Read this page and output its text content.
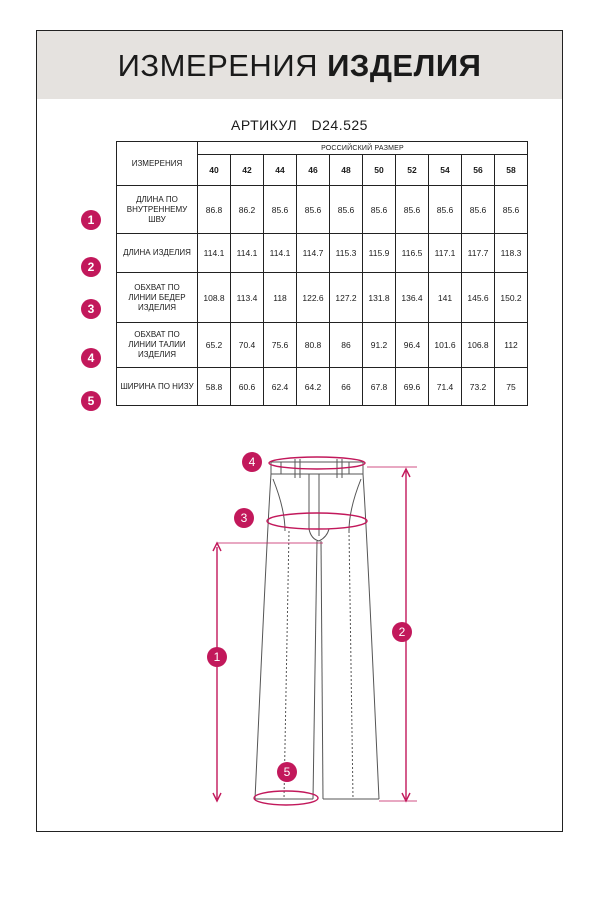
ИЗМЕРЕНИЯ ИЗДЕЛИЯ
АРТИКУЛ D24.525
1
2
3
4
5
ИЗМЕРЕНИЯ	РОССИЙСКИЙ РАЗМЕР									
	40	42	44	46	48	50	52	54	56	58
ДЛИНА ПО ВНУТРЕННЕМУ ШВУ	86.8	86.2	85.6	85.6	85.6	85.6	85.6	85.6	85.6	85.6
ДЛИНА ИЗДЕЛИЯ	114.1	114.1	114.1	114.7	115.3	115.9	116.5	117.1	117.7	118.3
ОБХВАТ ПО ЛИНИИ БЕДЕР ИЗДЕЛИЯ	108.8	113.4	118	122.6	127.2	131.8	136.4	141	145.6	150.2
ОБХВАТ ПО ЛИНИИ ТАЛИИ ИЗДЕЛИЯ	65.2	70.4	75.6	80.8	86	91.2	96.4	101.6	106.8	112
ШИРИНА ПО НИЗУ	58.8	60.6	62.4	64.2	66	67.8	69.6	71.4	73.2	75
4
3
1
2
5
